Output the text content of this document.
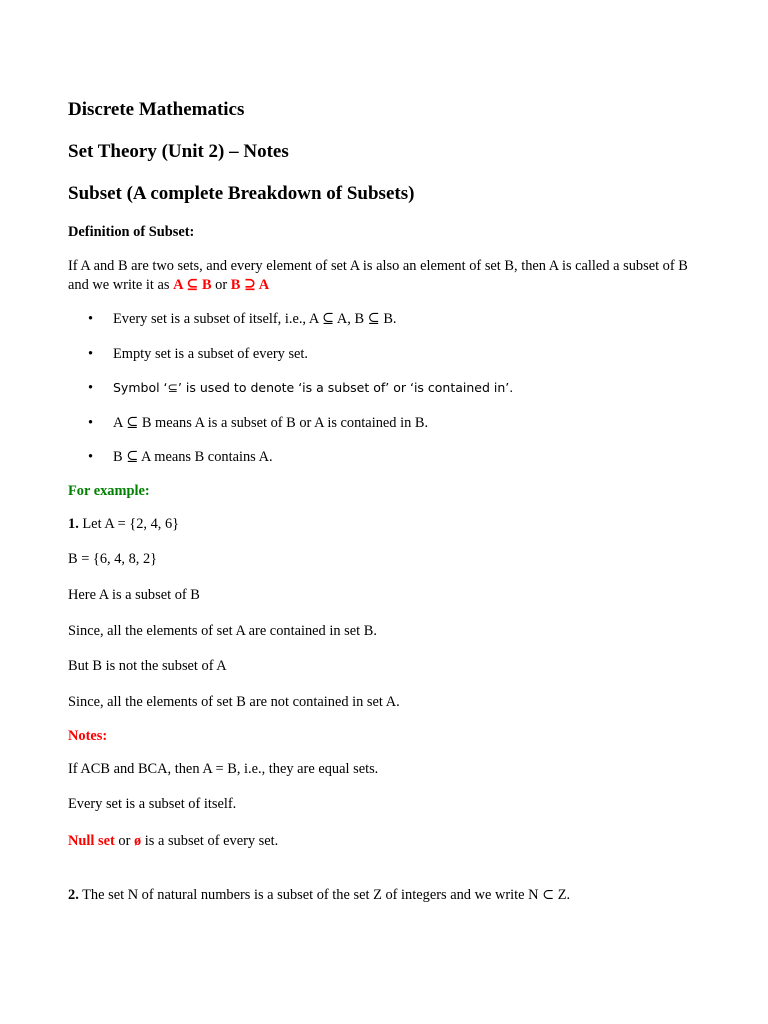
Discrete Mathematics
Set Theory (Unit 2) – Notes
Subset (A complete Breakdown of Subsets)
Definition of Subset:
If A and B are two sets, and every element of set A is also an element of set B, then A is called a subset of B and we write it as A ⊆ B or B ⊇ A
• Every set is a subset of itself, i.e., A ⊆ A, B ⊆ B.
• Empty set is a subset of every set.
• Symbol ‘⊆’ is used to denote ‘is a subset of’ or ‘is contained in’.
• A ⊆ B means A is a subset of B or A is contained in B.
• B ⊆ A means B contains A.
For example:
1. Let A = {2, 4, 6}
B = {6, 4, 8, 2}
Here A is a subset of B
Since, all the elements of set A are contained in set B.
But B is not the subset of A
Since, all the elements of set B are not contained in set A.
Notes:
If ACB and BCA, then A = B, i.e., they are equal sets.
Every set is a subset of itself.
Null set or ø is a subset of every set.
2. The set N of natural numbers is a subset of the set Z of integers and we write N ⊂ Z.
